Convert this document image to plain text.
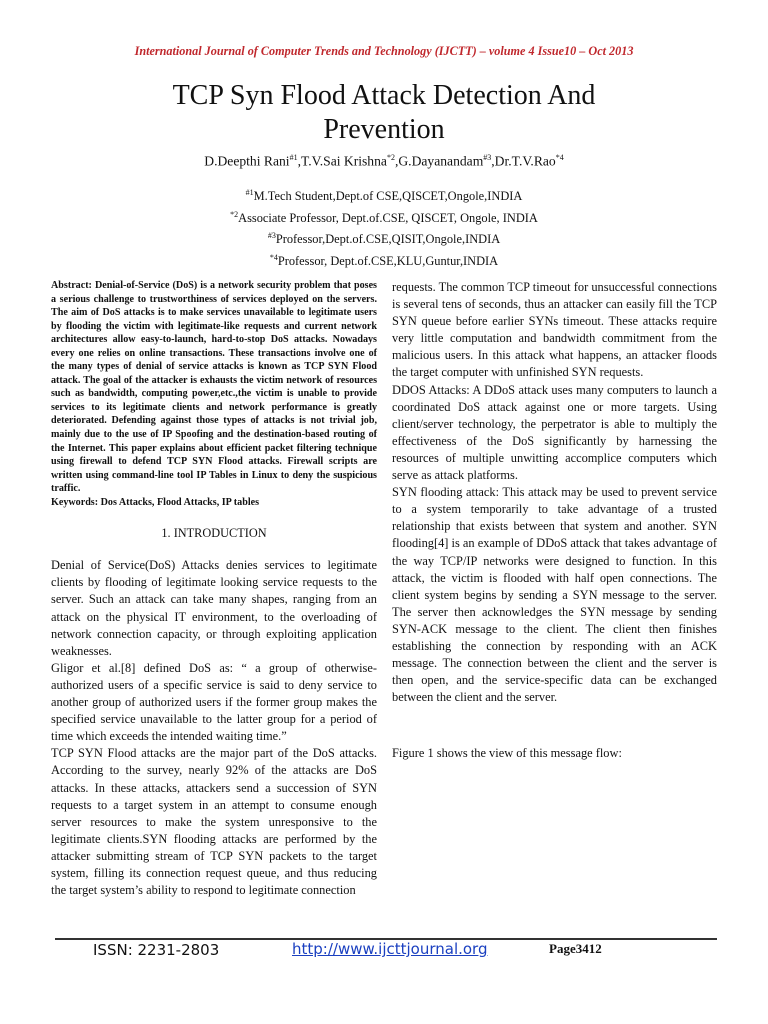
International Journal of Computer Trends and Technology (IJCTT) – volume 4 Issue10 – Oct 2013
TCP Syn Flood Attack Detection And Prevention
D.Deepthi Rani$^{\#1}$,T.V.Sai Krishna$^{*2}$,G.Dayanandam$^{\#3}$,Dr.T.V.Rao$^{*4}$
$^{\#1}$M.Tech Student,Dept.of CSE,QISCET,Ongole,INDIA
$^{*2}$Associate Professor, Dept.of.CSE, QISCET, Ongole, INDIA
$^{\#3}$Professor,Dept.of.CSE,QISIT,Ongole,INDIA
$^{*4}$Professor, Dept.of.CSE,KLU,Guntur,INDIA

Abstract: Denial-of-Service (DoS) is a network security problem that poses a serious challenge to trustworthiness of services deployed on the servers. The aim of DoS attacks is to make services unavailable to legitimate users by flooding the victim with legitimate-like requests and current network architectures allow easy-to-launch, hard-to-stop DoS attacks. Nowadays every one relies on online transactions. These transactions involve one of the many types of denial of service attacks is known as TCP SYN Flood attack. The goal of the attacker is exhausts the victim network of resources such as bandwidth, computing power,etc.,the victim is unable to provide services to its legitimate clients and network performance is greatly deteriorated. Defending against those types of attacks is not trivial job, mainly due to the use of IP Spoofing and the destination-based routing of the Internet. This paper explains about efficient packet filtering technique using firewall to defend TCP SYN Flood attacks. Firewall scripts are written using command-line tool IP Tables in Linux to deny the suspicious traffic.

Keywords: Dos Attacks, Flood Attacks, IP tables

1. INTRODUCTION

Denial of Service(DoS) Attacks denies services to legitimate clients by flooding of legitimate looking service requests to the server. Such an attack can take many shapes, ranging from an attack on the physical IT environment, to the overloading of network connection capacity, or through exploiting application weaknesses.

Gligor et al.[8] defined DoS as: “ a group of otherwise-authorized users of a specific service is said to deny service to another group of authorized users if the former group makes the specified service unavailable to the latter group for a period of time which exceeds the intended waiting time.”

TCP SYN Flood attacks are the major part of the DoS attacks. According to the survey, nearly 92% of the attacks are DoS attacks. In these attacks, attackers send a succession of SYN requests to a target system in an attempt to consume enough server resources to make the system unresponsive to the legitimate clients.SYN flooding attacks are performed by the attacker submitting stream of TCP SYN packets to the target system, filling its connection request queue, and thus reducing the target system’s ability to respond to legitimate connection

requests. The common TCP timeout for unsuccessful connections is several tens of seconds, thus an attacker can easily fill the TCP SYN queue before earlier SYNs timeout. These attacks require very little computation and bandwidth commitment from the malicious users. In this attack what happens, an attacker floods the target computer with unfinished SYN requests.

DDOS Attacks: A DDoS attack uses many computers to launch a coordinated DoS attack against one or more targets. Using client/server technology, the perpetrator is able to multiply the effectiveness of the DoS significantly by harnessing the resources of multiple unwitting accomplice computers which serve as attack platforms.

SYN flooding attack: This attack may be used to prevent service to a system temporarily to take advantage of a trusted relationship that exists between that system and another. SYN flooding[4] is an example of DDoS attack that takes advantage of the way TCP/IP networks were designed to function. In this attack, the victim is flooded with half open connections. The client system begins by sending a SYN message to the server. The server then acknowledges the SYN message by sending SYN-ACK message to the client. The client then finishes establishing the connection by responding with an ACK message. The connection between the client and the server is then open, and the service-specific data can be exchanged between the client and the server.

Figure 1 shows the view of this message flow:

ISSN: 2231-2803	http://www.ijcttjournal.org	Page3412
